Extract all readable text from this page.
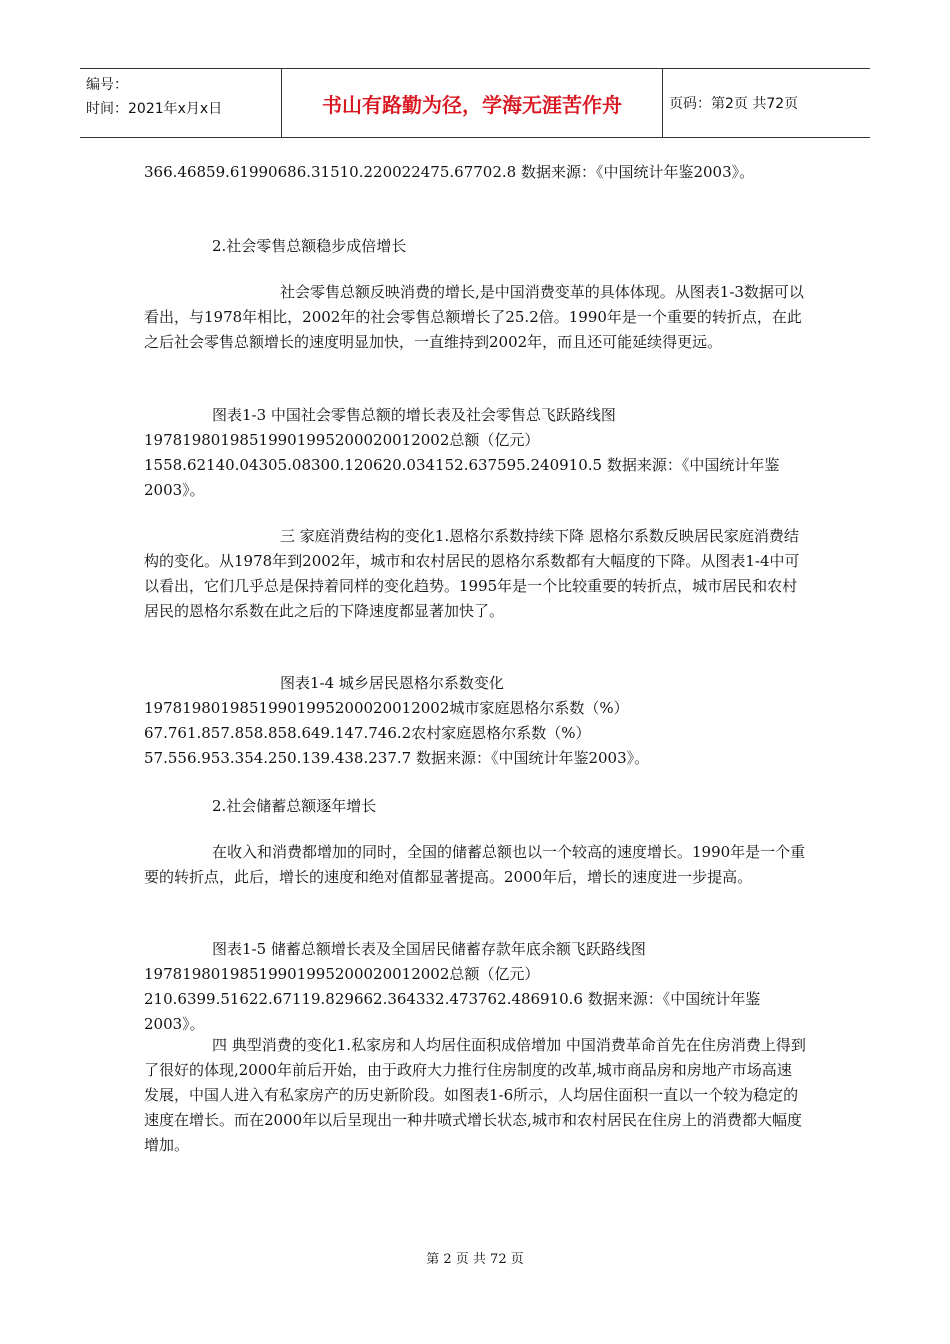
编号：
时间：2021年x月x日	书山有路勤为径，学海无涯苦作舟	页码：第2页 共72页

366.46859.61990686.31510.220022475.67702.8 数据来源：《中国统计年鉴2003》。

2.社会零售总额稳步成倍增长

社会零售总额反映消费的增长,是中国消费变革的具体体现。从图表1-3数据可以看出，与1978年相比，2002年的社会零售总额增长了25.2倍。1990年是一个重要的转折点，在此之后社会零售总额增长的速度明显加快，一直维持到2002年，而且还可能延续得更远。

图表1-3 中国社会零售总额的增长表及社会零售总飞跃路线图 19781980198519901995200020012002总额（亿元）1558.62140.04305.08300.120620.034152.637595.240910.5 数据来源：《中国统计年鉴2003》。

三 家庭消费结构的变化1.恩格尔系数持续下降 恩格尔系数反映居民家庭消费结构的变化。从1978年到2002年，城市和农村居民的恩格尔系数都有大幅度的下降。从图表1-4中可以看出，它们几乎总是保持着同样的变化趋势。1995年是一个比较重要的转折点，城市居民和农村居民的恩格尔系数在此之后的下降速度都显著加快了。

图表1-4 城乡居民恩格尔系数变化 19781980198519901995200020012002城市家庭恩格尔系数（%）67.761.857.858.858.649.147.746.2农村家庭恩格尔系数（%）57.556.953.354.250.139.438.237.7 数据来源：《中国统计年鉴2003》。

2.社会储蓄总额逐年增长

在收入和消费都增加的同时，全国的储蓄总额也以一个较高的速度增长。1990年是一个重要的转折点，此后，增长的速度和绝对值都显著提高。2000年后，增长的速度进一步提高。

图表1-5 储蓄总额增长表及全国居民储蓄存款年底余额飞跃路线图 19781980198519901995200020012002总额（亿元）210.6399.51622.67119.829662.364332.473762.486910.6 数据来源：《中国统计年鉴2003》。

四 典型消费的变化1.私家房和人均居住面积成倍增加 中国消费革命首先在住房消费上得到了很好的体现,2000年前后开始，由于政府大力推行住房制度的改革,城市商品房和房地产市场高速发展，中国人进入有私家房产的历史新阶段。如图表1-6所示，人均居住面积一直以一个较为稳定的速度在增长。而在2000年以后呈现出一种井喷式增长状态,城市和农村居民在住房上的消费都大幅度增加。

第 2 页 共 72 页
